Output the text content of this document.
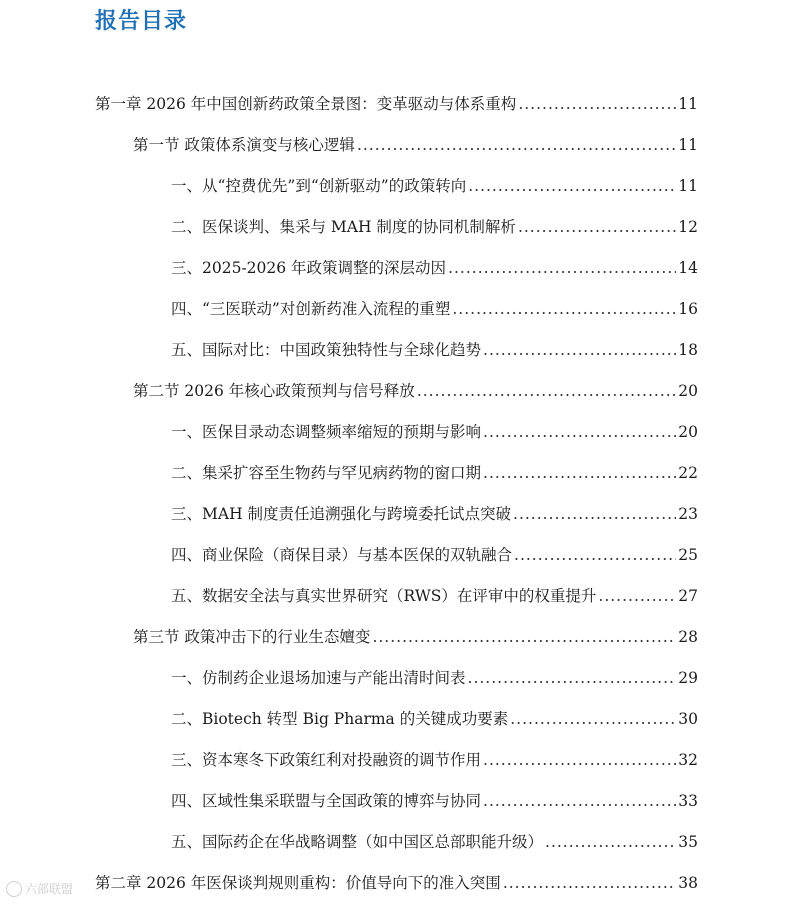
报告目录
第一章 2026 年中国创新药政策全景图：变革驱动与体系重构 .....	11
第一节 政策体系演变与核心逻辑 .....	11
一、从“控费优先”到“创新驱动”的政策转向 .....	11
二、医保谈判、集采与 MAH 制度的协同机制解析 .....	12
三、2025-2026 年政策调整的深层动因 .....	14
四、“三医联动”对创新药准入流程的重塑 .....	16
五、国际对比：中国政策独特性与全球化趋势 .....	18
第二节 2026 年核心政策预判与信号释放 .....	20
一、医保目录动态调整频率缩短的预期与影响 .....	20
二、集采扩容至生物药与罕见病药物的窗口期 .....	22
三、MAH 制度责任追溯强化与跨境委托试点突破 .....	23
四、商业保险（商保目录）与基本医保的双轨融合 .....	25
五、数据安全法与真实世界研究（RWS）在评审中的权重提升 .....	27
第三节 政策冲击下的行业生态嬗变 .....	28
一、仿制药企业退场加速与产能出清时间表 .....	29
二、Biotech 转型 Big Pharma 的关键成功要素 .....	30
三、资本寒冬下政策红利对投融资的调节作用 .....	32
四、区域性集采联盟与全国政策的博弈与协同 .....	33
五、国际药企在华战略调整（如中国区总部职能升级） .....	35
第二章 2026 年医保谈判规则重构：价值导向下的准入突围 .....	38
六部联盟
